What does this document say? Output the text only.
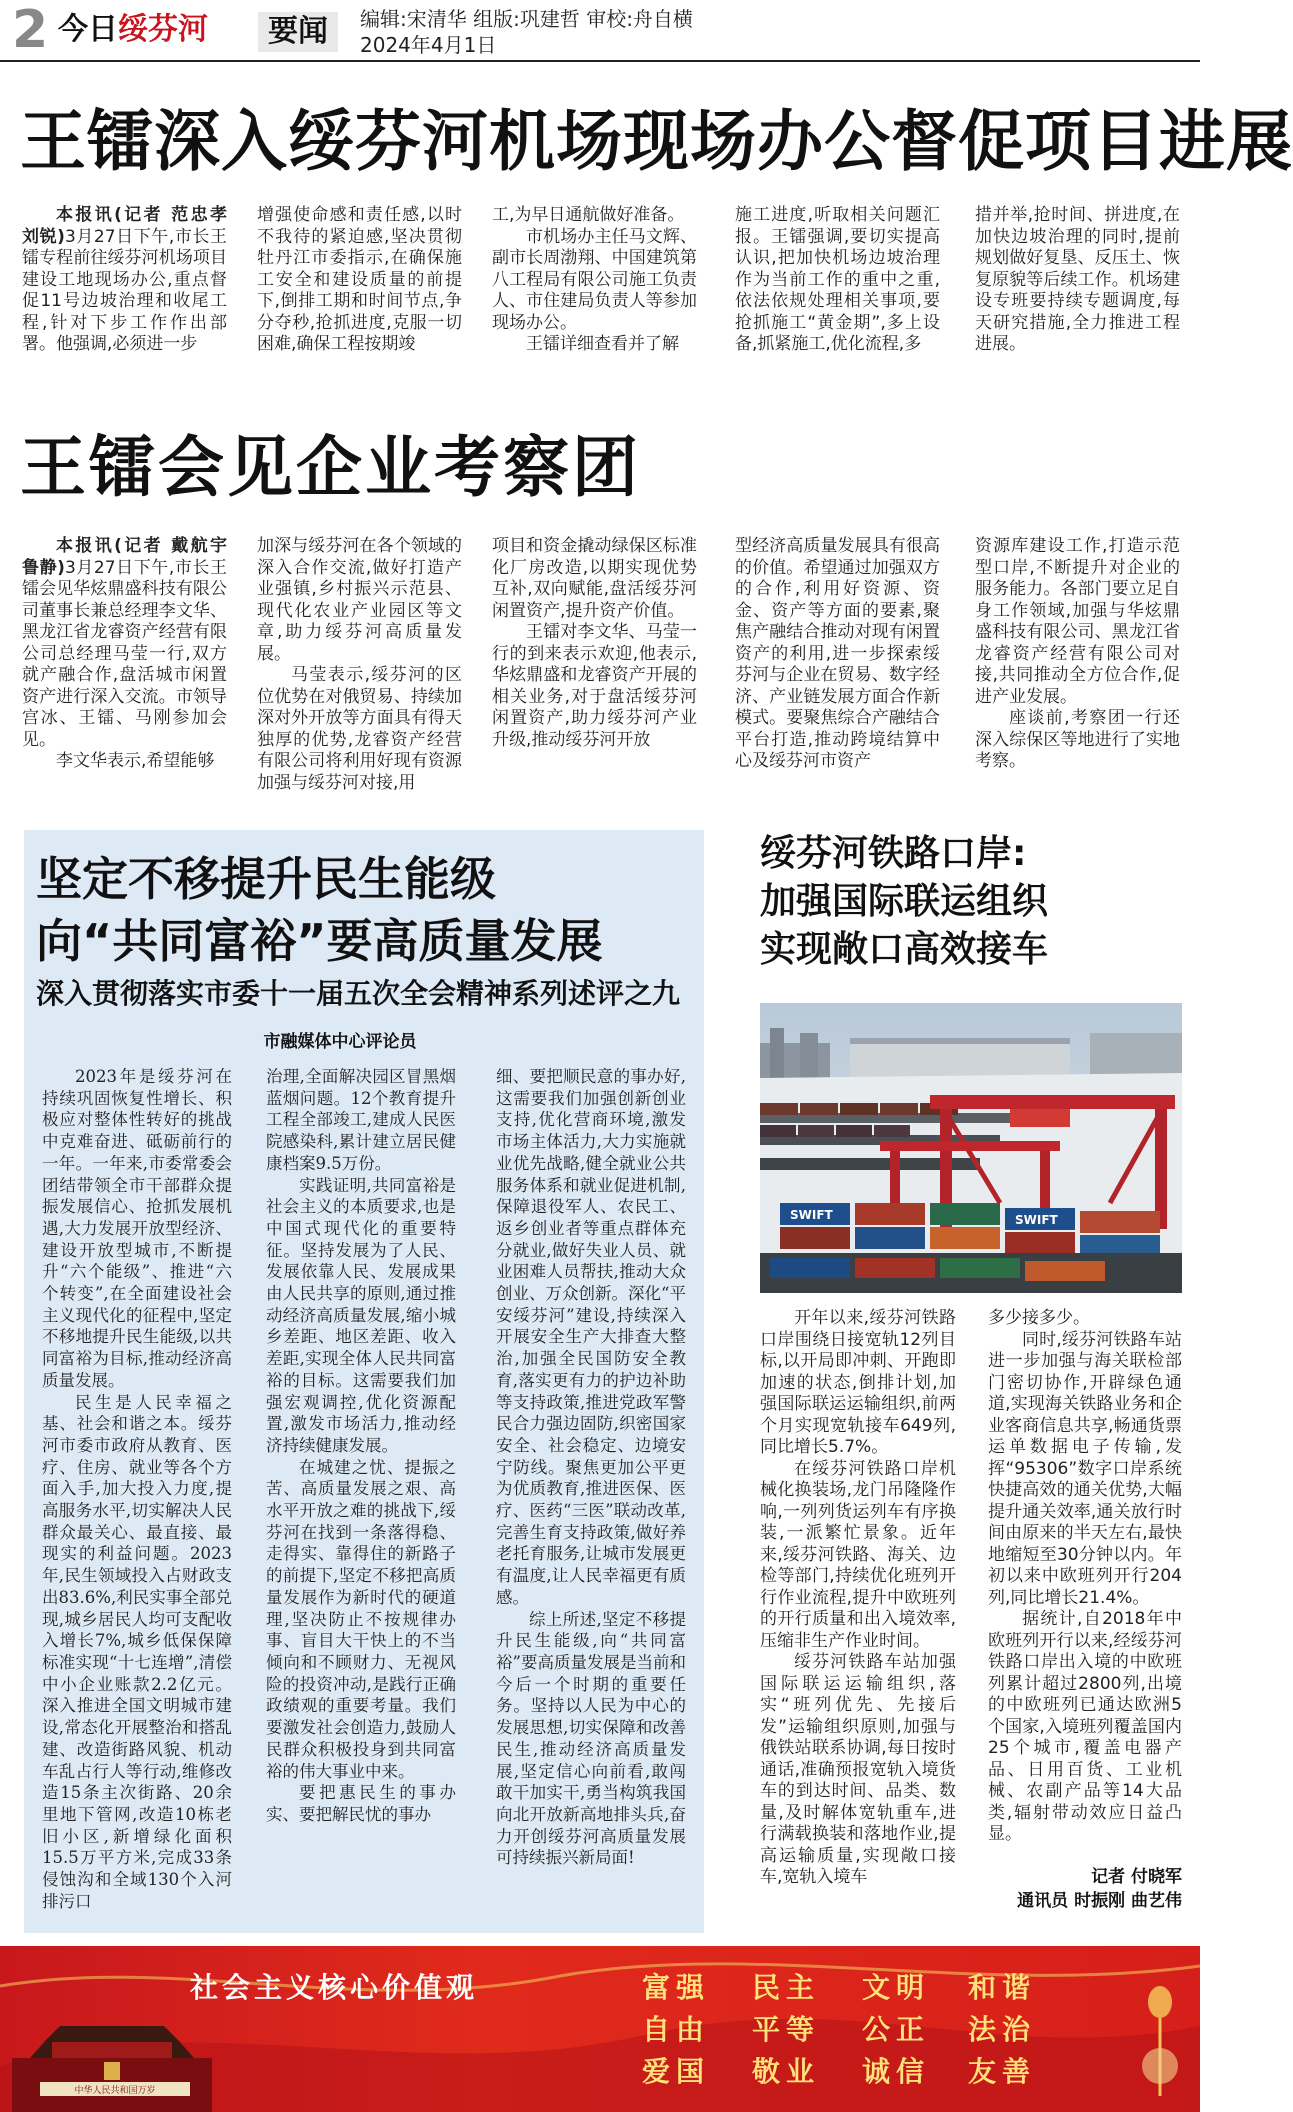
2 今日绥芬河	要闻	编辑:宋清华 组版:巩建哲 审校:舟自横
2024年4月1日
王镭深入绥芬河机场现场办公督促项目进展
本报讯(记者 范忠孝 刘锐)3月27日下午,市长王镭专程前往绥芬河机场项目建设工地现场办公,重点督促11号边坡治理和收尾工程,针对下步工作作出部署。他强调,必须进一步
增强使命感和责任感,以时不我待的紧迫感,坚决贯彻牡丹江市委指示,在确保施工安全和建设质量的前提下,倒排工期和时间节点,争分夺秒,抢抓进度,克服一切困难,确保工程按期竣

工,为早日通航做好准备。

市机场办主任马文辉、副市长周渤翔、中国建筑第八工程局有限公司施工负责人、市住建局负责人等参加现场办公。

王镭详细查看并了解

施工进度,听取相关问题汇报。王镭强调,要切实提高认识,把加快机场边坡治理作为当前工作的重中之重,依法依规处理相关事项,要抢抓施工“黄金期”,多上设备,抓紧施工,优化流程,多
措并举,抢时间、拼进度,在加快边坡治理的同时,提前规划做好复垦、反压土、恢复原貌等后续工作。机场建设专班要持续专题调度,每天研究措施,全力推进工程进展。
王镭会见企业考察团

本报讯(记者 戴航宇 鲁静)3月27日下午,市长王镭会见华炫鼎盛科技有限公司董事长兼总经理李文华、黑龙江省龙睿资产经营有限公司总经理马莹一行,双方就产融合作,盘活城市闲置资产进行深入交流。市领导宫冰、王镭、马刚参加会见。

李文华表示,希望能够

加深与绥芬河在各个领域的深入合作交流,做好打造产业强镇,乡村振兴示范县、现代化农业产业园区等文章,助力绥芬河高质量发展。

马莹表示,绥芬河的区位优势在对俄贸易、持续加深对外开放等方面具有得天独厚的优势,龙睿资产经营有限公司将利用好现有资源加强与绥芬河对接,用

项目和资金撬动绿保区标准化厂房改造,以期实现优势互补,双向赋能,盘活绥芬河闲置资产,提升资产价值。

王镭对李文华、马莹一行的到来表示欢迎,他表示,华炫鼎盛和龙睿资产开展的相关业务,对于盘活绥芬河闲置资产,助力绥芬河产业升级,推动绥芬河开放

型经济高质量发展具有很高的价值。希望通过加强双方的合作,利用好资源、资金、资产等方面的要素,聚焦产融结合推动对现有闲置资产的利用,进一步探索绥芬河与企业在贸易、数字经济、产业链发展方面合作新模式。要聚焦综合产融结合平台打造,推动跨境结算中心及绥芬河市资产

资源库建设工作,打造示范型口岸,不断提升对企业的服务能力。各部门要立足自身工作领域,加强与华炫鼎盛科技有限公司、黑龙江省龙睿资产经营有限公司对接,共同推动全方位合作,促进产业发展。

座谈前,考察团一行还深入综保区等地进行了实地考察。

坚定不移提升民生能级
向“共同富裕”要高质量发展
深入贯彻落实市委十一届五次全会精神系列述评之九
市融媒体中心评论员

2023年是绥芬河在持续巩固恢复性增长、积极应对整体性转好的挑战中克难奋进、砥砺前行的一年。一年来,市委常委会团结带领全市干部群众提振发展信心、抢抓发展机遇,大力发展开放型经济、建设开放型城市,不断提升“六个能级”、推进“六个转变”,在全面建设社会主义现代化的征程中,坚定不移地提升民生能级,以共同富裕为目标,推动经济高质量发展。

民生是人民幸福之基、社会和谐之本。绥芬河市委市政府从教育、医疗、住房、就业等各个方面入手,加大投入力度,提高服务水平,切实解决人民群众最关心、最直接、最现实的利益问题。2023年,民生领域投入占财政支出83.6%,利民实事全部兑现,城乡居民人均可支配收入增长7%,城乡低保保障标准实现“十七连增”,清偿中小企业账款2.2亿元。深入推进全国文明城市建设,常态化开展整治和搭乱建、改造街路风貌、机动车乱占行人等行动,维修改造15条主次街路、20余里地下管网,改造10栋老旧小区,新增绿化面积15.5万平方米,完成33条侵蚀沟和全域130个入河排污口

治理,全面解决园区冒黑烟蓝烟问题。12个教育提升工程全部竣工,建成人民医院感染科,累计建立居民健康档案9.5万份。

实践证明,共同富裕是社会主义的本质要求,也是中国式现代化的重要特征。坚持发展为了人民、发展依靠人民、发展成果由人民共享的原则,通过推动经济高质量发展,缩小城乡差距、地区差距、收入差距,实现全体人民共同富裕的目标。这需要我们加强宏观调控,优化资源配置,激发市场活力,推动经济持续健康发展。

在城建之忧、提振之苦、高质量发展之艰、高水平开放之难的挑战下,绥芬河在找到一条落得稳、走得实、靠得住的新路子的前提下,坚定不移把高质量发展作为新时代的硬道理,坚决防止不按规律办事、盲目大干快上的不当倾向和不顾财力、无视风险的投资冲动,是践行正确政绩观的重要考量。我们要激发社会创造力,鼓励人民群众积极投身到共同富裕的伟大事业中来。

要把惠民生的事办实、要把解民忧的事办

细、要把顺民意的事办好,这需要我们加强创新创业支持,优化营商环境,激发市场主体活力,大力实施就业优先战略,健全就业公共服务体系和就业促进机制,保障退役军人、农民工、返乡创业者等重点群体充分就业,做好失业人员、就业困难人员帮扶,推动大众创业、万众创新。深化“平安绥芬河”建设,持续深入开展安全生产大排查大整治,加强全民国防安全教育,落实更有力的护边补助等支持政策,推进党政军警民合力强边固防,织密国家安全、社会稳定、边境安宁防线。聚焦更加公平更为优质教育,推进医保、医疗、医药“三医”联动改革,完善生育支持政策,做好养老托育服务,让城市发展更有温度,让人民幸福更有质感。

综上所述,坚定不移提升民生能级,向“共同富裕”要高质量发展是当前和今后一个时期的重要任务。坚持以人民为中心的发展思想,切实保障和改善民生,推动经济高质量发展,坚定信心向前看,敢闯敢干加实干,勇当构筑我国向北开放新高地排头兵,奋力开创绥芬河高质量发展可持续振兴新局面!

绥芬河铁路口岸:
加强国际联运组织
实现敞口高效接车
SWIFT	SWIFT

开年以来,绥芬河铁路口岸围绕日接宽轨12列目标,以开局即冲刺、开跑即加速的状态,倒排计划,加强国际联运运输组织,前两个月实现宽轨接车649列,同比增长5.7%。

在绥芬河铁路口岸机械化换装场,龙门吊隆隆作响,一列列货运列车有序换装,一派繁忙景象。近年来,绥芬河铁路、海关、边检等部门,持续优化班列开行作业流程,提升中欧班列的开行质量和出入境效率,压缩非生产作业时间。

绥芬河铁路车站加强国际联运运输组织,落实“班列优先、先接后发”运输组织原则,加强与俄铁站联系协调,每日按时通话,准确预报宽轨入境货车的到达时间、品类、数量,及时解体宽轨重车,进行满载换装和落地作业,提高运输质量,实现敞口接车,宽轨入境车

多少接多少。

同时,绥芬河铁路车站进一步加强与海关联检部门密切协作,开辟绿色通道,实现海关铁路业务和企业客商信息共享,畅通货票运单数据电子传输,发挥“95306”数字口岸系统快捷高效的通关优势,大幅提升通关效率,通关放行时间由原来的半天左右,最快地缩短至30分钟以内。年初以来中欧班列开行204列,同比增长21.4%。

据统计,自2018年中欧班列开行以来,经绥芬河铁路口岸出入境的中欧班列累计超过2800列,出境的中欧班列已通达欧洲5个国家,入境班列覆盖国内25个城市,覆盖电器产品、日用百货、工业机械、农副产品等14大品类,辐射带动效应日益凸显。

记者 付晓军
通讯员 时振刚 曲艺伟
中华人民共和国万岁
社会主义核心价值观	富强 民主 文明 和谐
自由 平等 公正 法治
爱国 敬业 诚信 友善
